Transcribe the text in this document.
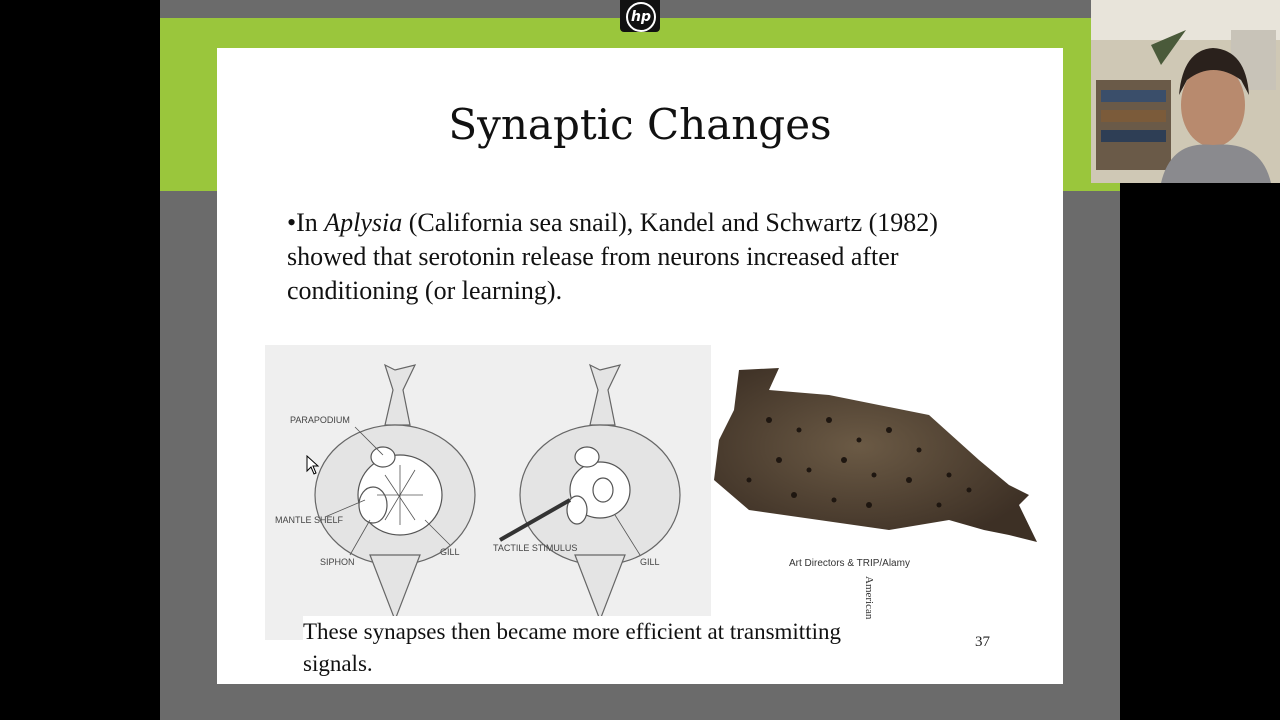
hp
Synaptic Changes
•In Aplysia (California sea snail), Kandel and Schwartz (1982) showed that serotonin release from neurons increased after conditioning (or learning).
PARAPODIUM
MANTLE SHELF
SIPHON
GILL	TACTILE STIMULUS
GILL	Art Directors & TRIP/Alamy
American
These synapses then became more efficient at transmitting signals.
37
